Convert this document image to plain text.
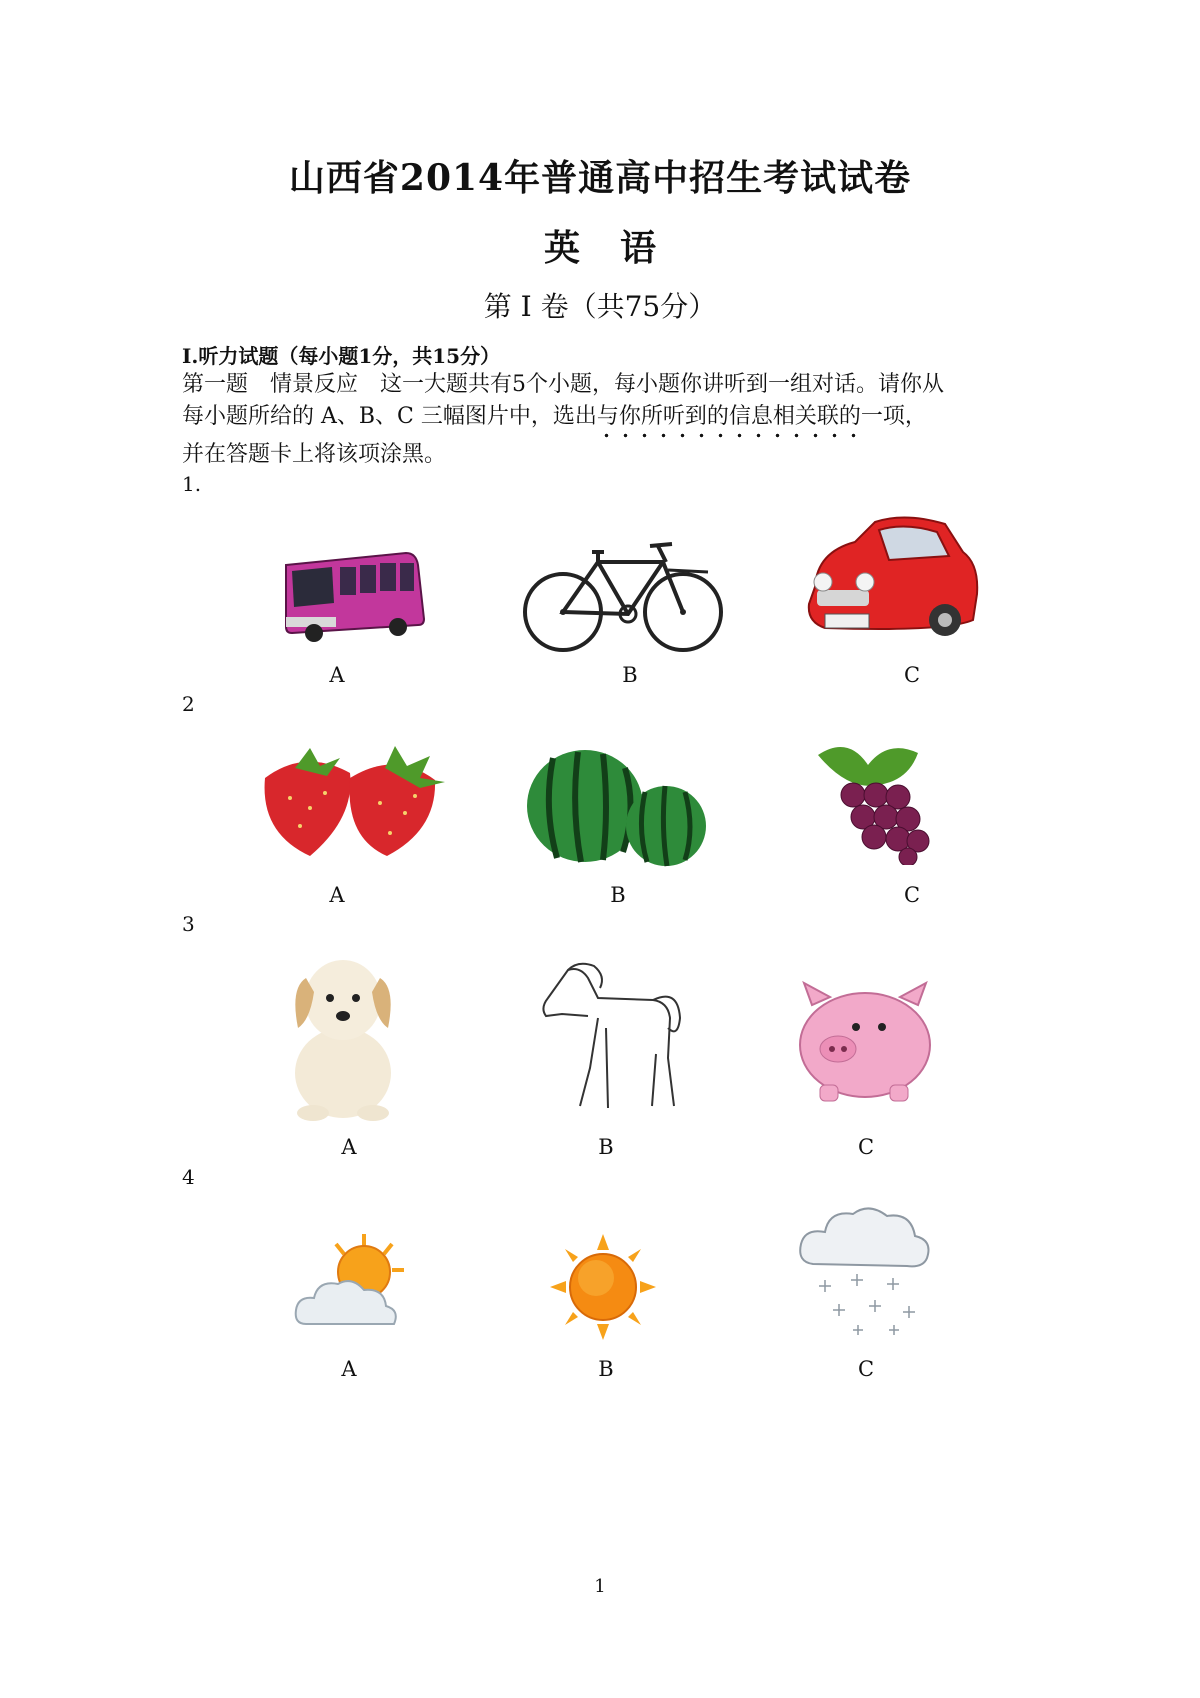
山西省2014年普通高中招生考试试卷
英 语
第 I 卷（共75分）
I.听力试题（每小题1分，共15分）
第一题　情景反应　这一大题共有5个小题，每小题你讲听到一组对话。请你从
每小题所给的 A、B、C 三幅图片中，选出与你所听到的信息相关联的一项，
并在答题卡上将该项涂黑。
1.
A	B	C
2
A	B	C
3
A	B	C
4
A	B	C
1
